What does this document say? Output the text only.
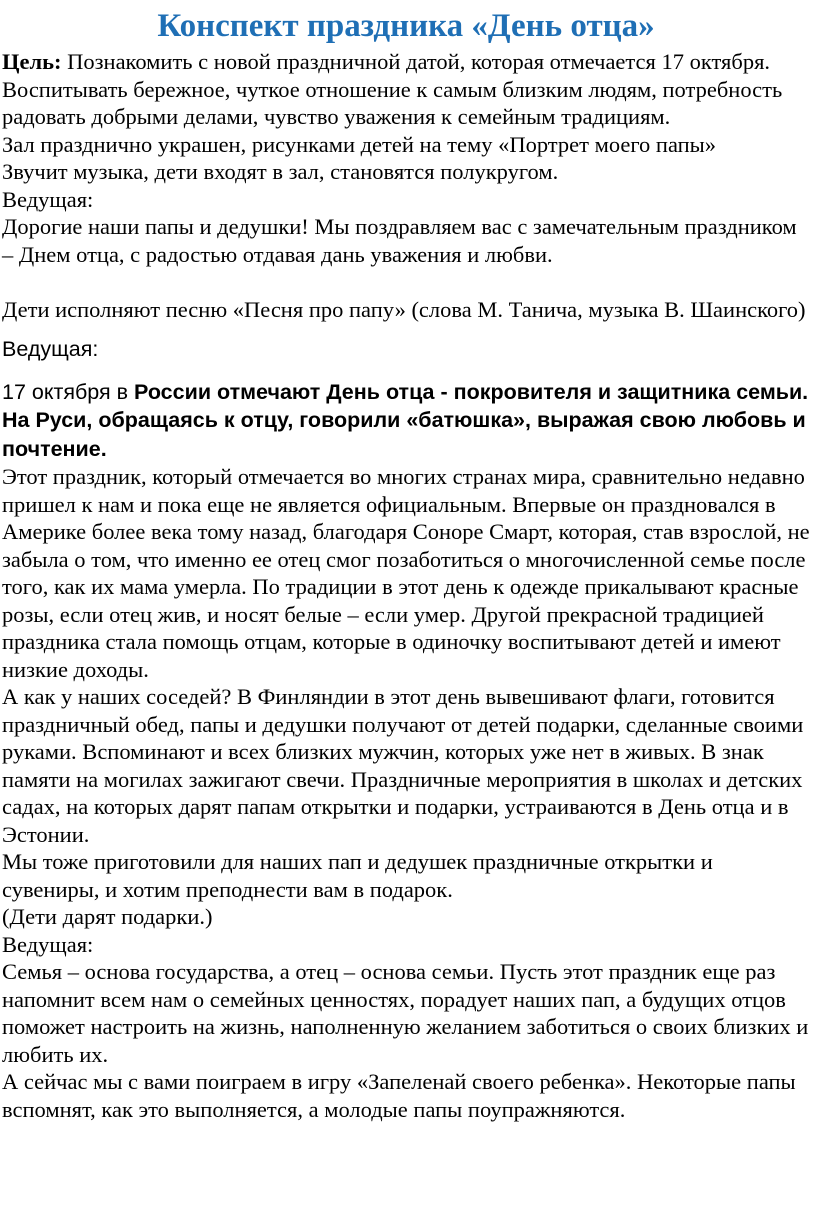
Конспект праздника «День отца»

Цель: Познакомить с новой праздничной датой, которая отмечается 17 октября. Воспитывать бережное, чуткое отношение к самым близким людям, потребность радовать добрыми делами, чувство уважения к семейным традициям.

Зал празднично украшен, рисунками детей на тему «Портрет моего папы»

Звучит музыка, дети входят в зал, становятся полукругом.

Ведущая:

Дорогие наши папы и дедушки! Мы поздравляем вас с замечательным праздником – Днем отца, с радостью отдавая дань уважения и любви.

Дети исполняют песню «Песня про папу» (слова М. Танича, музыка В. Шаинского)

Ведущая:

17 октября в России отмечают День отца - покровителя и защитника семьи. На Руси, обращаясь к отцу, говорили «батюшка», выражая свою любовь и почтение.

Этот праздник, который отмечается во многих странах мира, сравнительно недавно пришел к нам и пока еще не является официальным. Впервые он праздновался в Америке более века тому назад, благодаря Соноре Смарт, которая, став взрослой, не забыла о том, что именно ее отец смог позаботиться о многочисленной семье после того, как их мама умерла. По традиции в этот день к одежде прикалывают красные розы, если отец жив, и носят белые – если умер. Другой прекрасной традицией праздника стала помощь отцам, которые в одиночку воспитывают детей и имеют низкие доходы.

А как у наших соседей? В Финляндии в этот день вывешивают флаги, готовится праздничный обед, папы и дедушки получают от детей подарки, сделанные своими руками. Вспоминают и всех близких мужчин, которых уже нет в живых. В знак памяти на могилах зажигают свечи. Праздничные мероприятия в школах и детских садах, на которых дарят папам открытки и подарки, устраиваются в День отца и в Эстонии.

Мы тоже приготовили для наших пап и дедушек праздничные открытки и сувениры, и хотим преподнести вам в подарок.

(Дети дарят подарки.)

Ведущая:

Семья – основа государства, а отец – основа семьи. Пусть этот праздник еще раз напомнит всем нам о семейных ценностях, порадует наших пап, а будущих отцов поможет настроить на жизнь, наполненную желанием заботиться о своих близких и любить их.

А сейчас мы с вами поиграем в игру «Запеленай своего ребенка». Некоторые папы вспомнят, как это выполняется, а молодые папы поупражняются.
